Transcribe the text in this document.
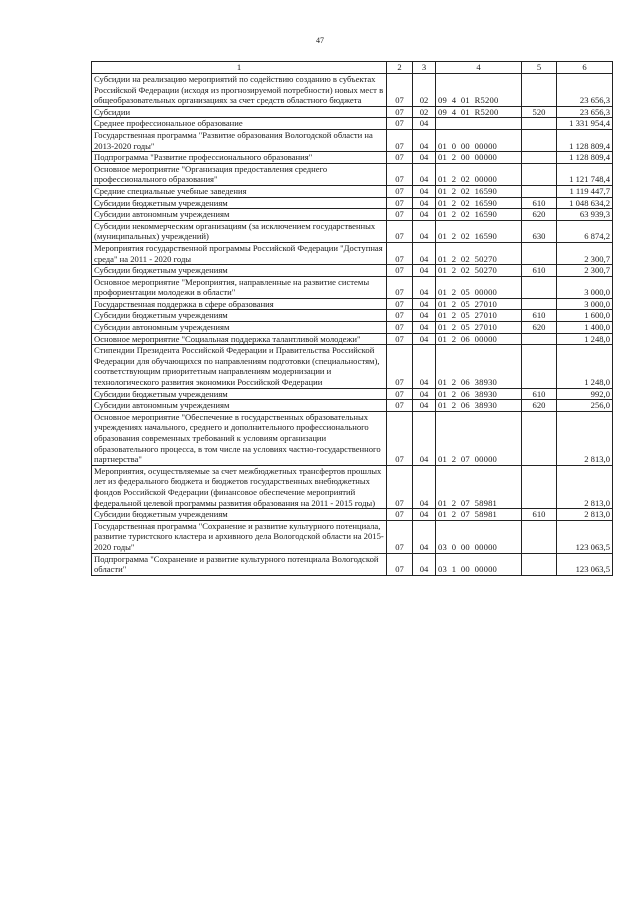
47
1	2	3	4	5	6
Субсидии на реализацию мероприятий по содействию созданию в субъектах Российской Федерации (исходя из прогнозируемой потребности) новых мест в общеобразовательных организациях за счет средств областного бюджета	07	02	09  4  01  R5200		23 656,3
Субсидии	07	02	09  4  01  R5200	520	23 656,3
Среднее профессиональное образование	07	04			1 331 954,4
Государственная программа "Развитие образования Вологодской области на 2013-2020 годы"	07	04	01  0  00  00000		1 128 809,4
Подпрограмма "Развитие профессионального образования"	07	04	01  2  00  00000		1 128 809,4
Основное мероприятие "Организация предоставления среднего профессионального образования"	07	04	01  2  02  00000		1 121 748,4
Средние специальные учебные заведения	07	04	01  2  02  16590		1 119 447,7
Субсидии бюджетным учреждениям	07	04	01  2  02  16590	610	1 048 634,2
Субсидии автономным учреждениям	07	04	01  2  02  16590	620	63 939,3
Субсидии некоммерческим организациям (за исключением государственных (муниципальных) учреждений)	07	04	01  2  02  16590	630	6 874,2
Мероприятия государственной программы Российской Федерации "Доступная среда" на 2011 - 2020 годы	07	04	01  2  02  50270		2 300,7
Субсидии бюджетным учреждениям	07	04	01  2  02  50270	610	2 300,7
Основное мероприятие "Мероприятия, направленные на развитие системы профориентации молодежи в области"	07	04	01  2  05  00000		3 000,0
Государственная поддержка в сфере образования	07	04	01  2  05  27010		3 000,0
Субсидии бюджетным учреждениям	07	04	01  2  05  27010	610	1 600,0
Субсидии автономным учреждениям	07	04	01  2  05  27010	620	1 400,0
Основное мероприятие "Социальная поддержка талантливой молодежи"	07	04	01  2  06  00000		1 248,0
Стипендии Президента Российской Федерации и Правительства Российской Федерации для обучающихся по направлениям подготовки (специальностям), соответствующим приоритетным направлениям модернизации и технологического развития экономики Российской Федерации	07	04	01  2  06  38930		1 248,0
Субсидии бюджетным учреждениям	07	04	01  2  06  38930	610	992,0
Субсидии автономным учреждениям	07	04	01  2  06  38930	620	256,0
Основное мероприятие "Обеспечение в государственных образовательных учреждениях начального, среднего и дополнительного профессионального образования современных требований к условиям организации образовательного процесса, в том числе на условиях частно-государственного партнерства"	07	04	01  2  07  00000		2 813,0
Мероприятия, осуществляемые за счет межбюджетных трансфертов прошлых лет из федерального бюджета и бюджетов государственных внебюджетных фондов Российской Федерации (финансовое обеспечение мероприятий федеральной целевой программы развития образования на 2011 - 2015 годы)	07	04	01  2  07  58981		2 813,0
Субсидии бюджетным учреждениям	07	04	01  2  07  58981	610	2 813,0
Государственная программа "Сохранение и развитие культурного потенциала, развитие туристского кластера и архивного дела Вологодской области на 2015-2020 годы"	07	04	03  0  00  00000		123 063,5
Подпрограмма "Сохранение и развитие культурного потенциала Вологодской области"	07	04	03  1  00  00000		123 063,5
